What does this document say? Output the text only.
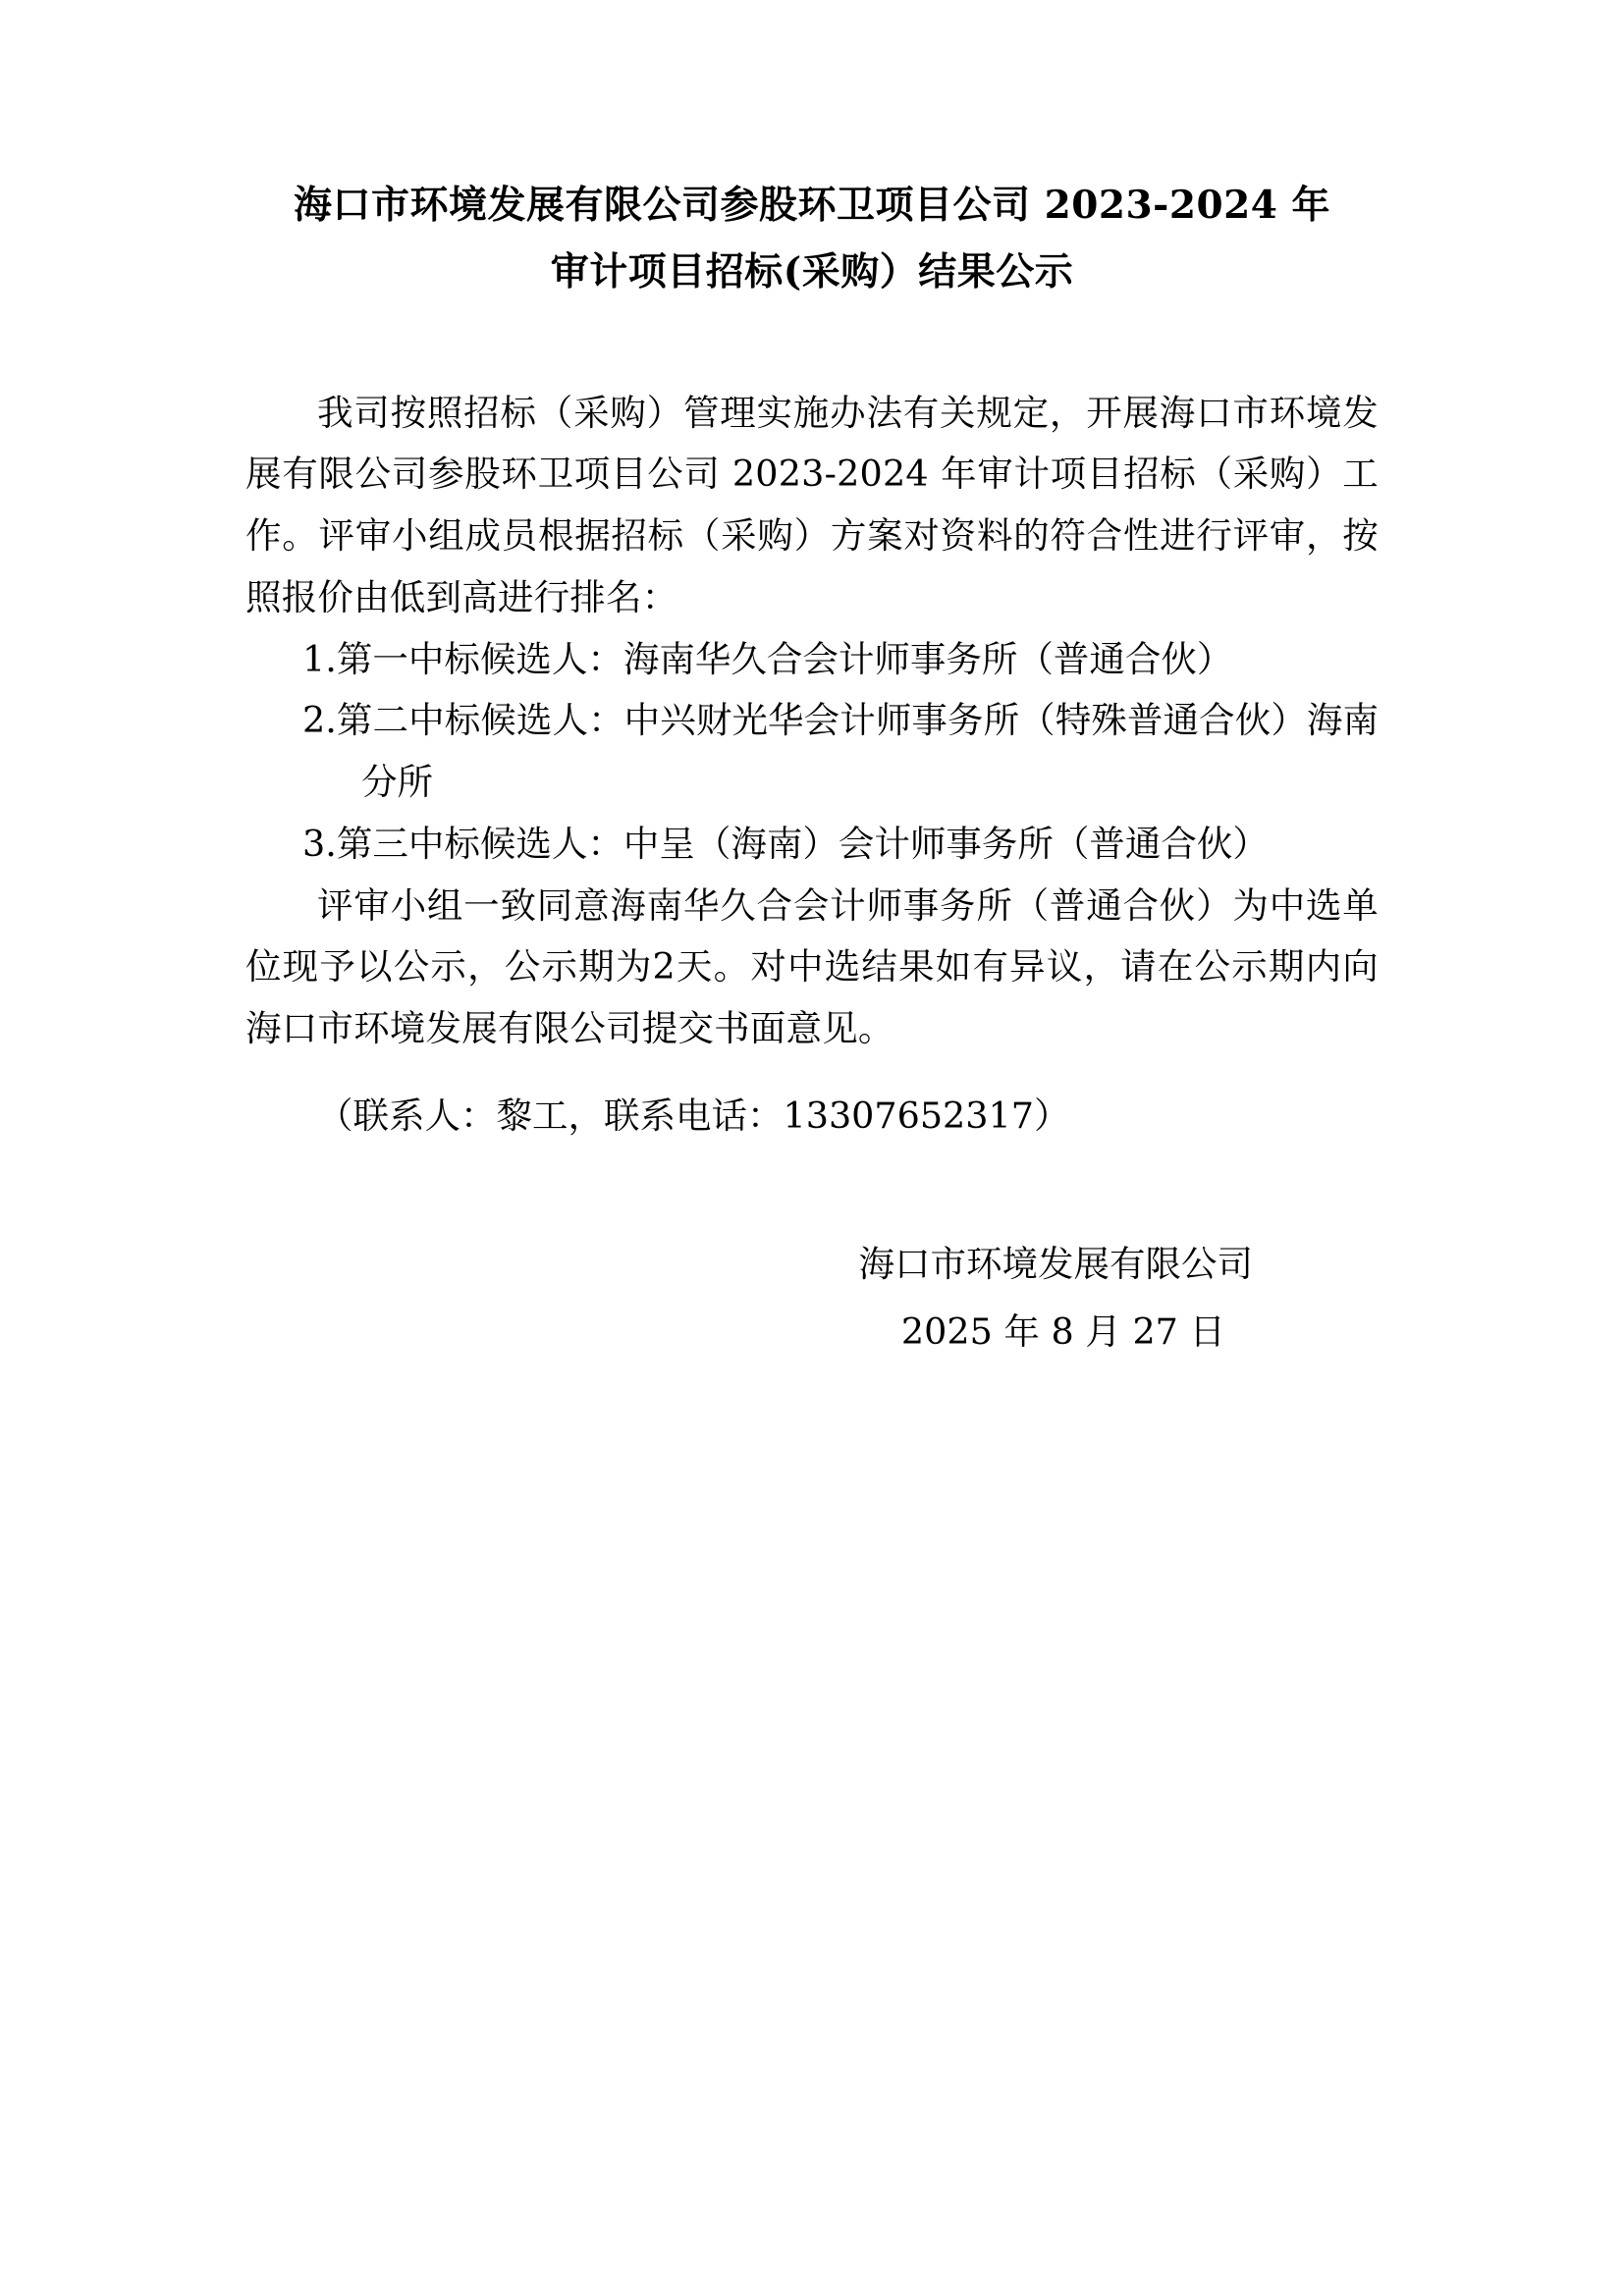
海口市环境发展有限公司参股环卫项目公司 2023-2024 年
审计项目招标(采购）结果公示

我司按照招标（采购）管理实施办法有关规定，开展海口市环境发展有限公司参股环卫项目公司 2023-2024 年审计项目招标（采购）工作。评审小组成员根据招标（采购）方案对资料的符合性进行评审，按照报价由低到高进行排名：

1.第一中标候选人：海南华久合会计师事务所（普通合伙）
2.第二中标候选人：中兴财光华会计师事务所（特殊普通合伙）海南分所
3.第三中标候选人：中呈（海南）会计师事务所（普通合伙）

评审小组一致同意海南华久合会计师事务所（普通合伙）为中选单位现予以公示，公示期为2天。对中选结果如有异议，请在公示期内向海口市环境发展有限公司提交书面意见。

（联系人：黎工，联系电话：13307652317）

海口市环境发展有限公司
2025 年 8 月 27 日
